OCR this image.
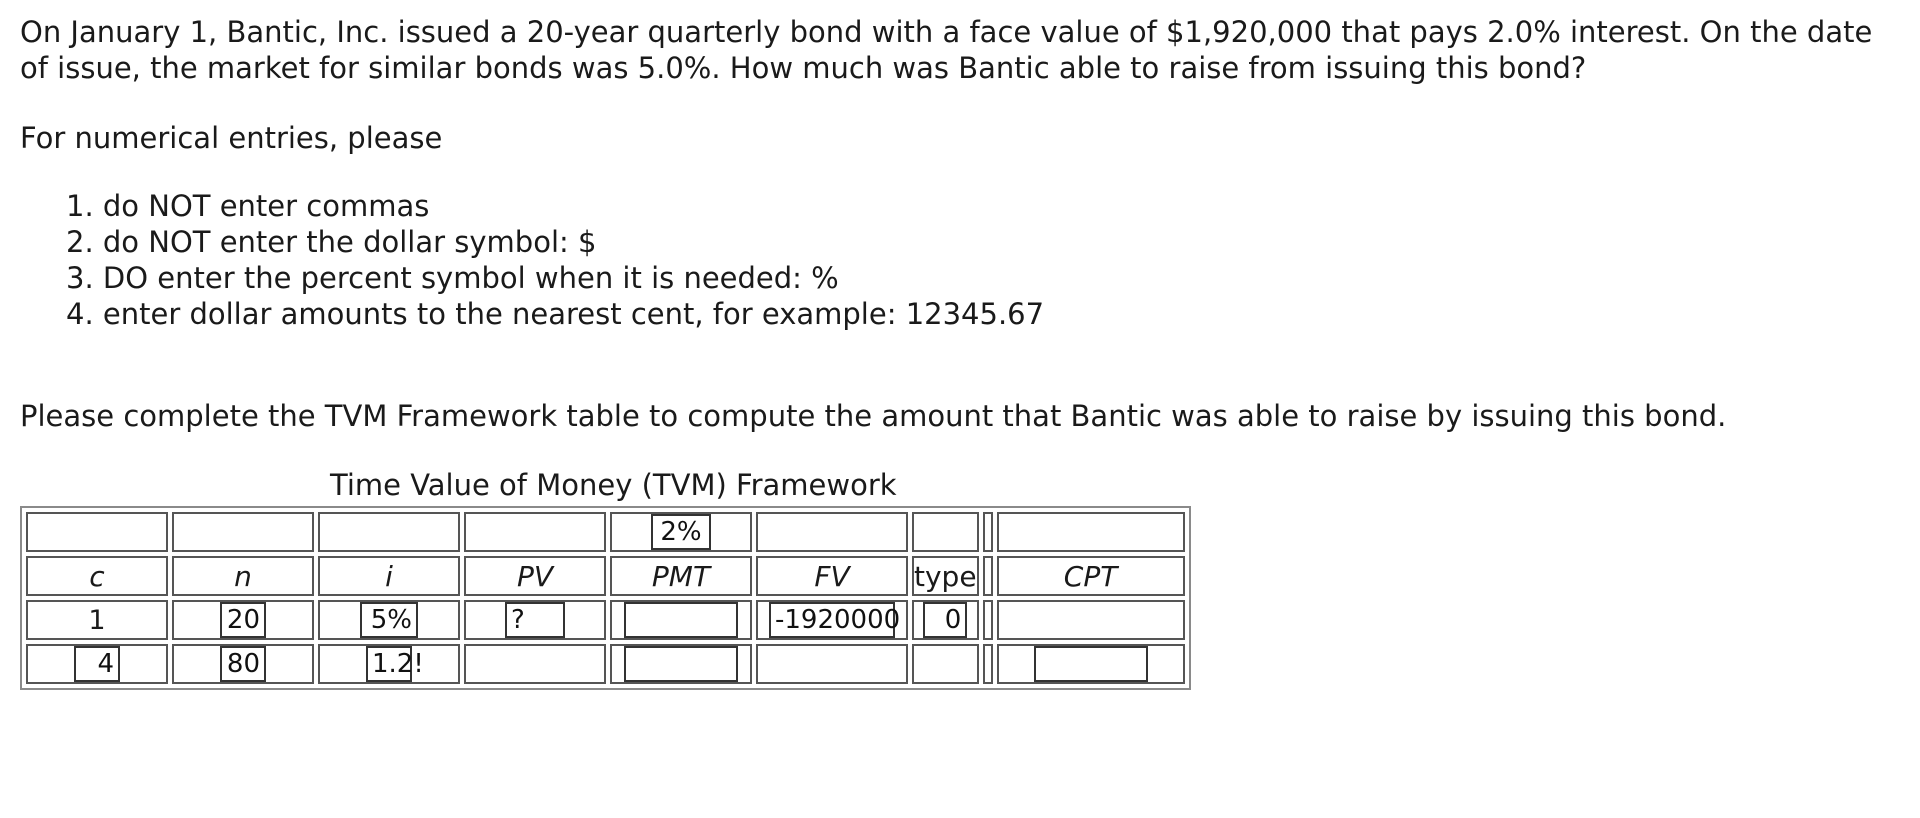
On January 1, Bantic, Inc. issued a 20-year quarterly bond with a face value of $1,920,000 that pays 2.0% interest. On the date of issue, the market for similar bonds was 5.0%. How much was Bantic able to raise from issuing this bond?

For numerical entries, please

1. do NOT enter commas
2. do NOT enter the dollar symbol: $
3. DO enter the percent symbol when it is needed: %
4. enter dollar amounts to the nearest cent, for example: 12345.67

Please complete the TVM Framework table to compute the amount that Bantic was able to raise by issuing this bond.

Time Value of Money (TVM) Framework

				2%				
c	n	i	PV	PMT	FV	type		CPT
1	20	5%	?		-1920000	0		
4	80	1.2!						
